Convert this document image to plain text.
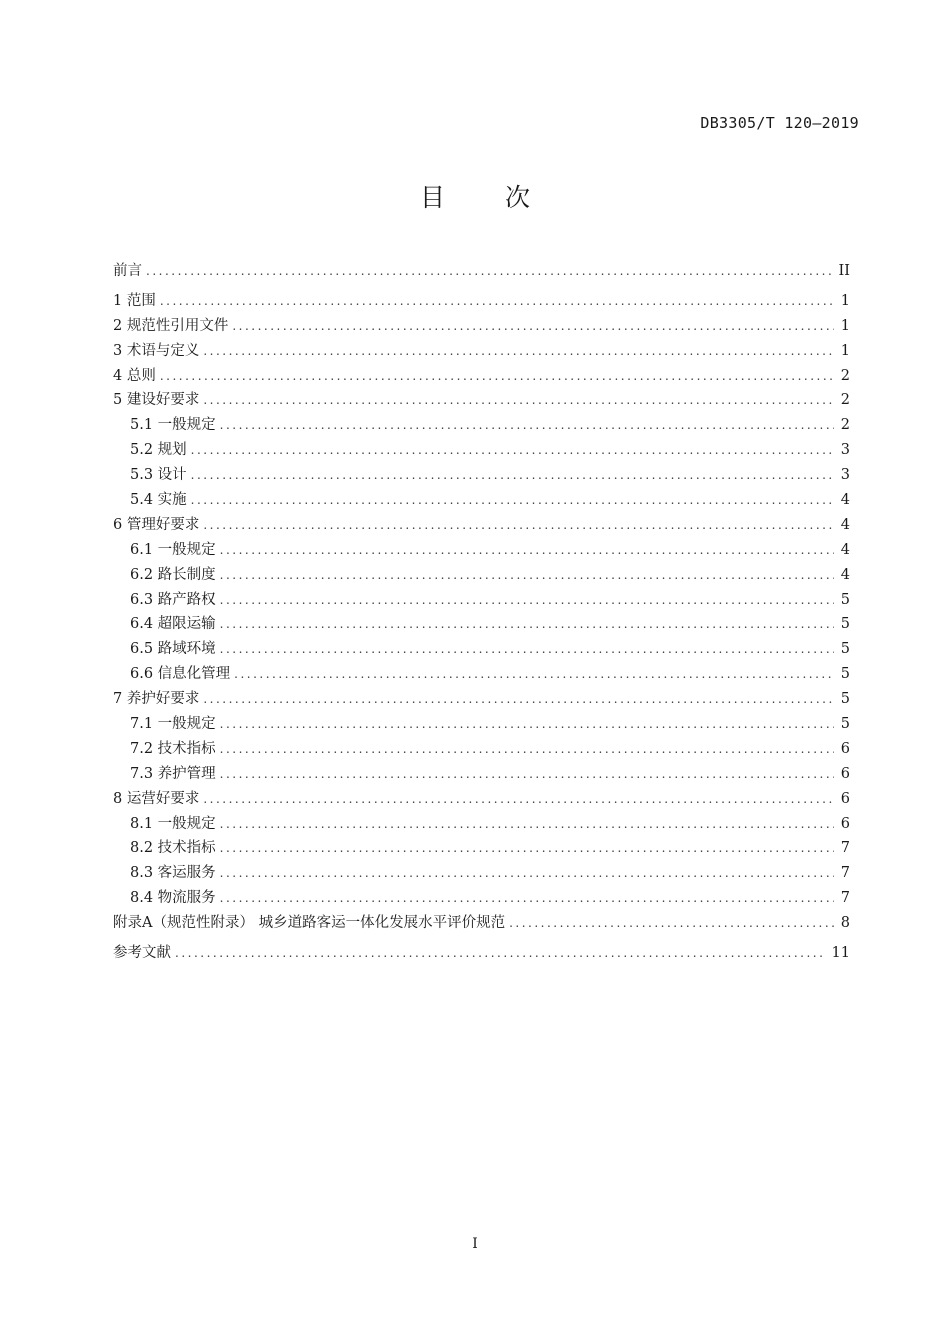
DB3305/T 120—2019
目 次
前言 .....	II
1 范围 .....	1
2 规范性引用文件 .....	1
3 术语与定义 .....	1
4 总则 .....	2
5 建设好要求 .....	2
5.1 一般规定 .....	2
5.2 规划 .....	3
5.3 设计 .....	3
5.4 实施 .....	4
6 管理好要求 .....	4
6.1 一般规定 .....	4
6.2 路长制度 .....	4
6.3 路产路权 .....	5
6.4 超限运输 .....	5
6.5 路域环境 .....	5
6.6 信息化管理 .....	5
7 养护好要求 .....	5
7.1 一般规定 .....	5
7.2 技术指标 .....	6
7.3 养护管理 .....	6
8 运营好要求 .....	6
8.1 一般规定 .....	6
8.2 技术指标 .....	7
8.3 客运服务 .....	7
8.4 物流服务 .....	7
附录A（规范性附录） 城乡道路客运一体化发展水平评价规范 .....	8
参考文献 .....	11
I
